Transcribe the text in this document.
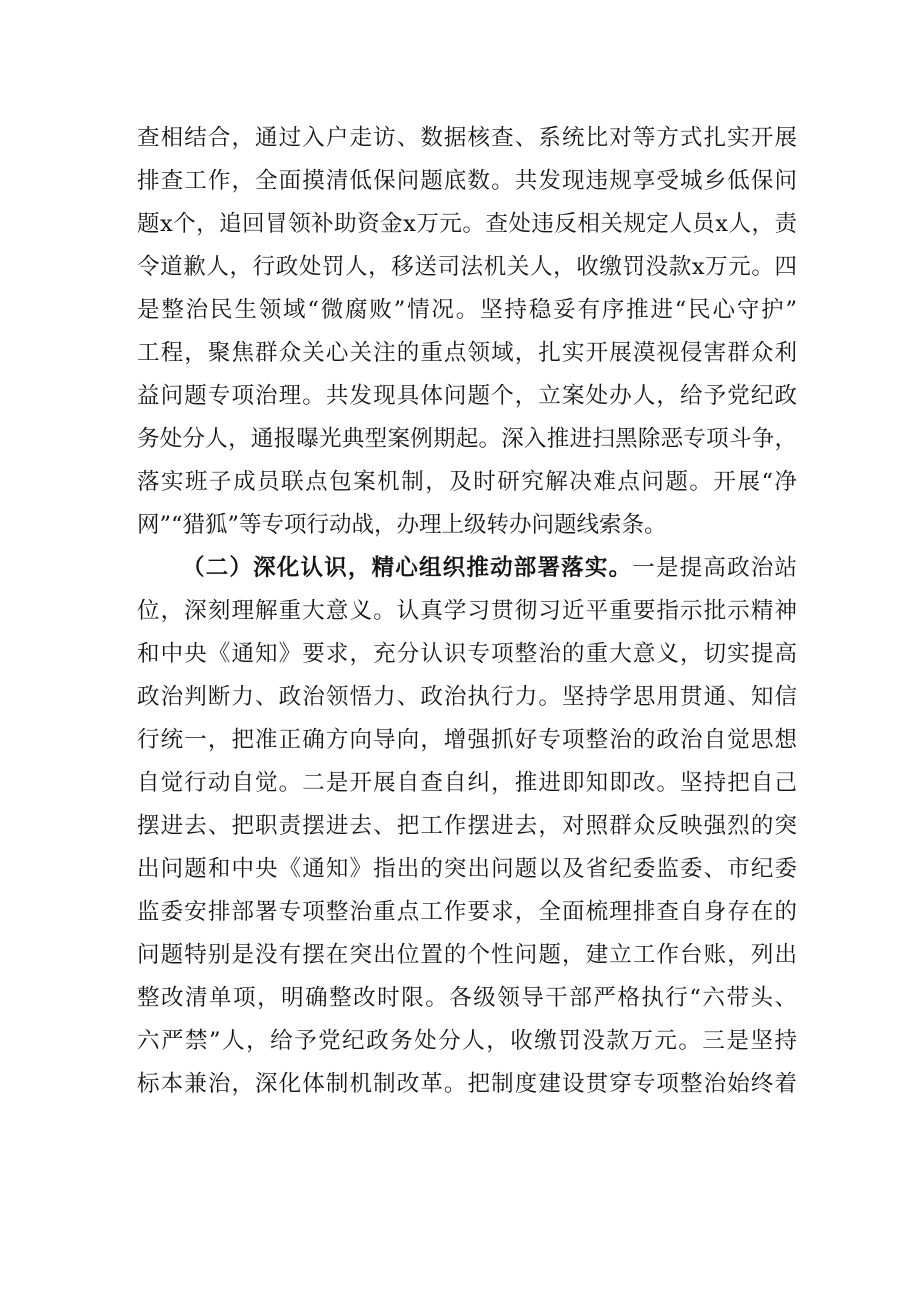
查相结合，通过入户走访、数据核查、系统比对等方式扎实开展

排查工作，全面摸清低保问题底数。共发现违规享受城乡低保问

题x个，追回冒领补助资金x万元。查处违反相关规定人员x人，责

令道歉人，行政处罚人，移送司法机关人，收缴罚没款x万元。四

是整治民生领域“微腐败”情况。坚持稳妥有序推进“民心守护”

工程，聚焦群众关心关注的重点领域，扎实开展漠视侵害群众利

益问题专项治理。共发现具体问题个，立案处办人，给予党纪政

务处分人，通报曝光典型案例期起。深入推进扫黑除恶专项斗争，

落实班子成员联点包案机制，及时研究解决难点问题。开展“净

网”“猎狐”等专项行动战，办理上级转办问题线索条。

（二）深化认识，精心组织推动部署落实。一是提高政治站

位，深刻理解重大意义。认真学习贯彻习近平重要指示批示精神

和中央《通知》要求，充分认识专项整治的重大意义，切实提高

政治判断力、政治领悟力、政治执行力。坚持学思用贯通、知信

行统一，把准正确方向导向，增强抓好专项整治的政治自觉思想

自觉行动自觉。二是开展自查自纠，推进即知即改。坚持把自己

摆进去、把职责摆进去、把工作摆进去，对照群众反映强烈的突

出问题和中央《通知》指出的突出问题以及省纪委监委、市纪委

监委安排部署专项整治重点工作要求，全面梳理排查自身存在的

问题特别是没有摆在突出位置的个性问题，建立工作台账，列出

整改清单项，明确整改时限。各级领导干部严格执行“六带头、

六严禁”人，给予党纪政务处分人，收缴罚没款万元。三是坚持

标本兼治，深化体制机制改革。把制度建设贯穿专项整治始终着
